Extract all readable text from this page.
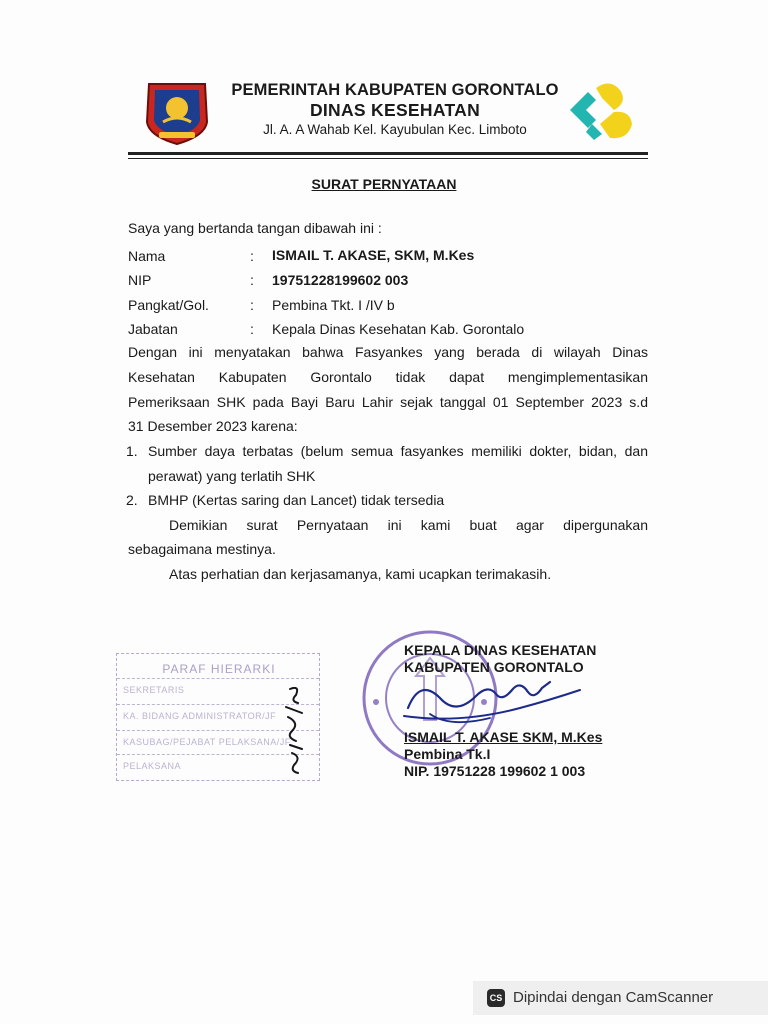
PEMERINTAH KABUPATEN GORONTALO
DINAS KESEHATAN
Jl. A. A Wahab Kel. Kayubulan Kec. Limboto
SURAT PERNYATAAN
Saya yang bertanda tangan dibawah ini :
Nama	: ISMAIL T. AKASE, SKM, M.Kes
NIP	: 19751228199602 003
Pangkat/Gol.	: Pembina Tkt. I /IV b
Jabatan	: Kepala Dinas Kesehatan Kab. Gorontalo
Dengan ini menyatakan bahwa Fasyankes yang berada di wilayah Dinas
Kesehatan Kabupaten Gorontalo tidak dapat mengimplementasikan
Pemeriksaan SHK pada Bayi Baru Lahir sejak tanggal 01 September 2023 s.d
31 Desember 2023 karena:
1. Sumber daya terbatas (belum semua fasyankes memiliki dokter, bidan, dan
perawat) yang terlatih SHK
2. BMHP (Kertas saring dan Lancet) tidak tersedia
Demikian surat Pernyataan ini kami buat agar dipergunakan
sebagaimana mestinya.
Atas perhatian dan kerjasamanya, kami ucapkan terimakasih.
PARAF HIERARKI
SEKRETARIS
KA. BIDANG ADMINISTRATOR/JF
KASUBAG/PEJABAT PELAKSANA/JF
PELAKSANA
KEPALA DINAS KESEHATAN
KABUPATEN GORONTALO
ISMAIL T. AKASE SKM, M.Kes
Pembina Tk.I
NIP. 19751228 199602 1 003
CS Dipindai dengan CamScanner
